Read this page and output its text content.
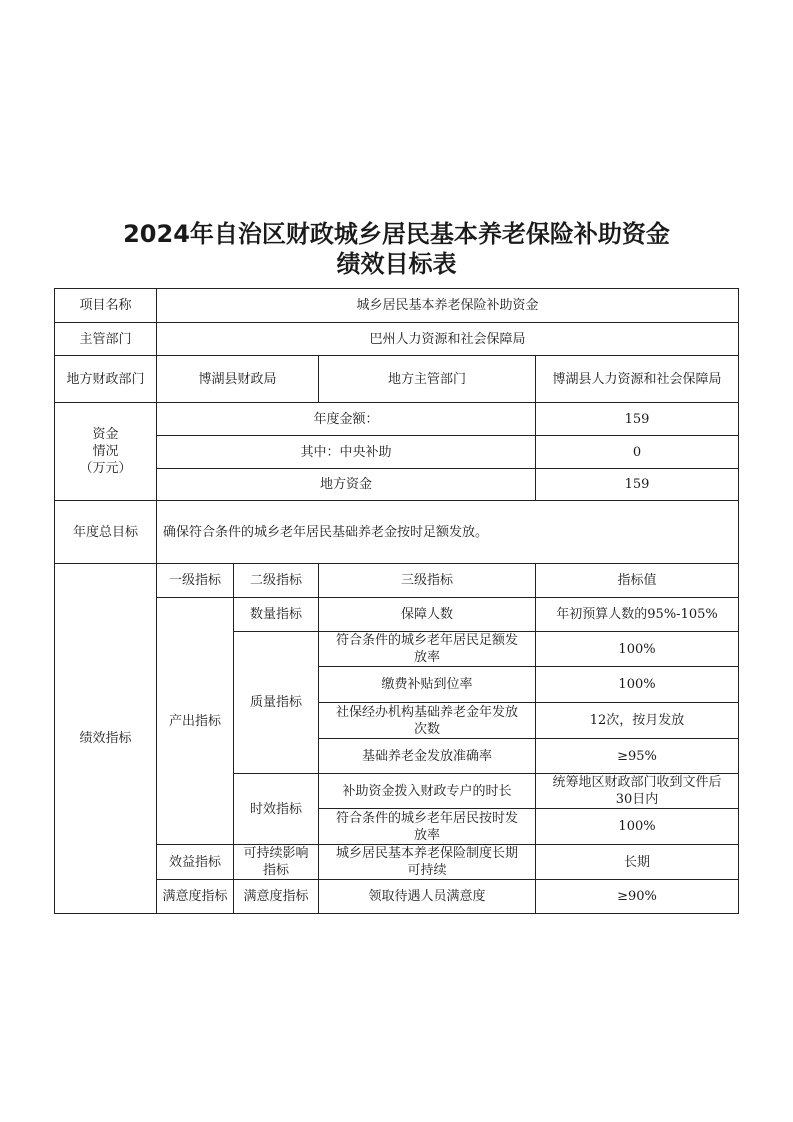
2024年自治区财政城乡居民基本养老保险补助资金
绩效目标表
项目名称	城乡居民基本养老保险补助资金			
主管部门	巴州人力资源和社会保障局			
地方财政部门	博湖县财政局		地方主管部门	博湖县人力资源和社会保障局
资金
情况
（万元）	年度金额：			159
	其中：中央补助			0
	地方资金			159
年度总目标	确保符合条件的城乡老年居民基础养老金按时足额发放。			
绩效指标	一级指标	二级指标	三级指标	指标值
	产出指标	数量指标	保障人数	年初预算人数的95%-105%
		质量指标	符合条件的城乡老年居民足额发
放率	100%
			缴费补贴到位率	100%
			社保经办机构基础养老金年发放
次数	12次，按月发放
			基础养老金发放准确率	≥95%
		时效指标	补助资金拨入财政专户的时长	统筹地区财政部门收到文件后
30日内
			符合条件的城乡老年居民按时发
放率	100%
	效益指标	可持续影响
指标	城乡居民基本养老保险制度长期
可持续	长期
	满意度指标	满意度指标	领取待遇人员满意度	≥90%
